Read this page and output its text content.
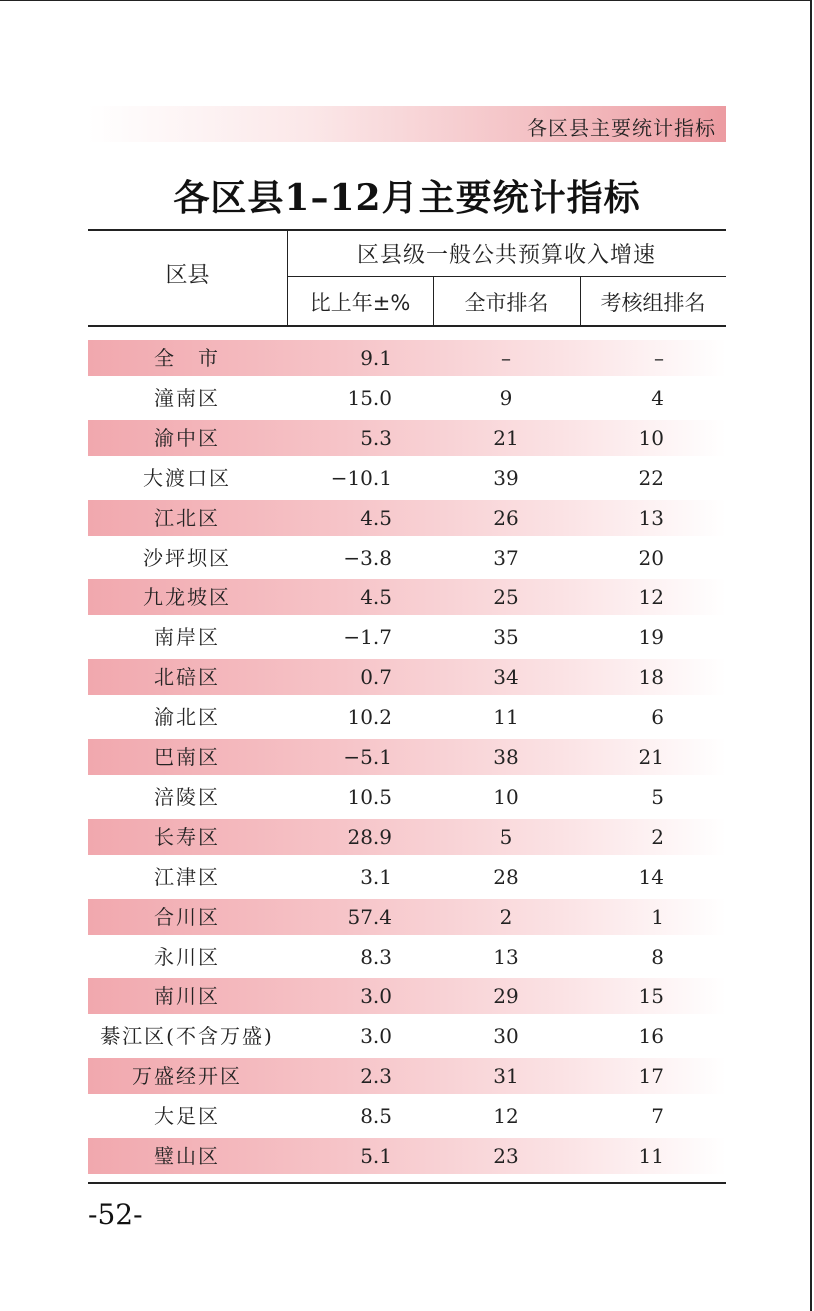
各区县主要统计指标
各区县1–12月主要统计指标
区县
区县级一般公共预算收入增速
比上年±%	全市排名	考核组排名
全　市	9.1	–	–
潼南区	15.0	9	4
渝中区	5.3	21	10
大渡口区	−10.1	39	22
江北区	4.5	26	13
沙坪坝区	−3.8	37	20
九龙坡区	4.5	25	12
南岸区	−1.7	35	19
北碚区	0.7	34	18
渝北区	10.2	11	6
巴南区	−5.1	38	21
涪陵区	10.5	10	5
长寿区	28.9	5	2
江津区	3.1	28	14
合川区	57.4	2	1
永川区	8.3	13	8
南川区	3.0	29	15
綦江区(不含万盛)	3.0	30	16
万盛经开区	2.3	31	17
大足区	8.5	12	7
璧山区	5.1	23	11
-52-
